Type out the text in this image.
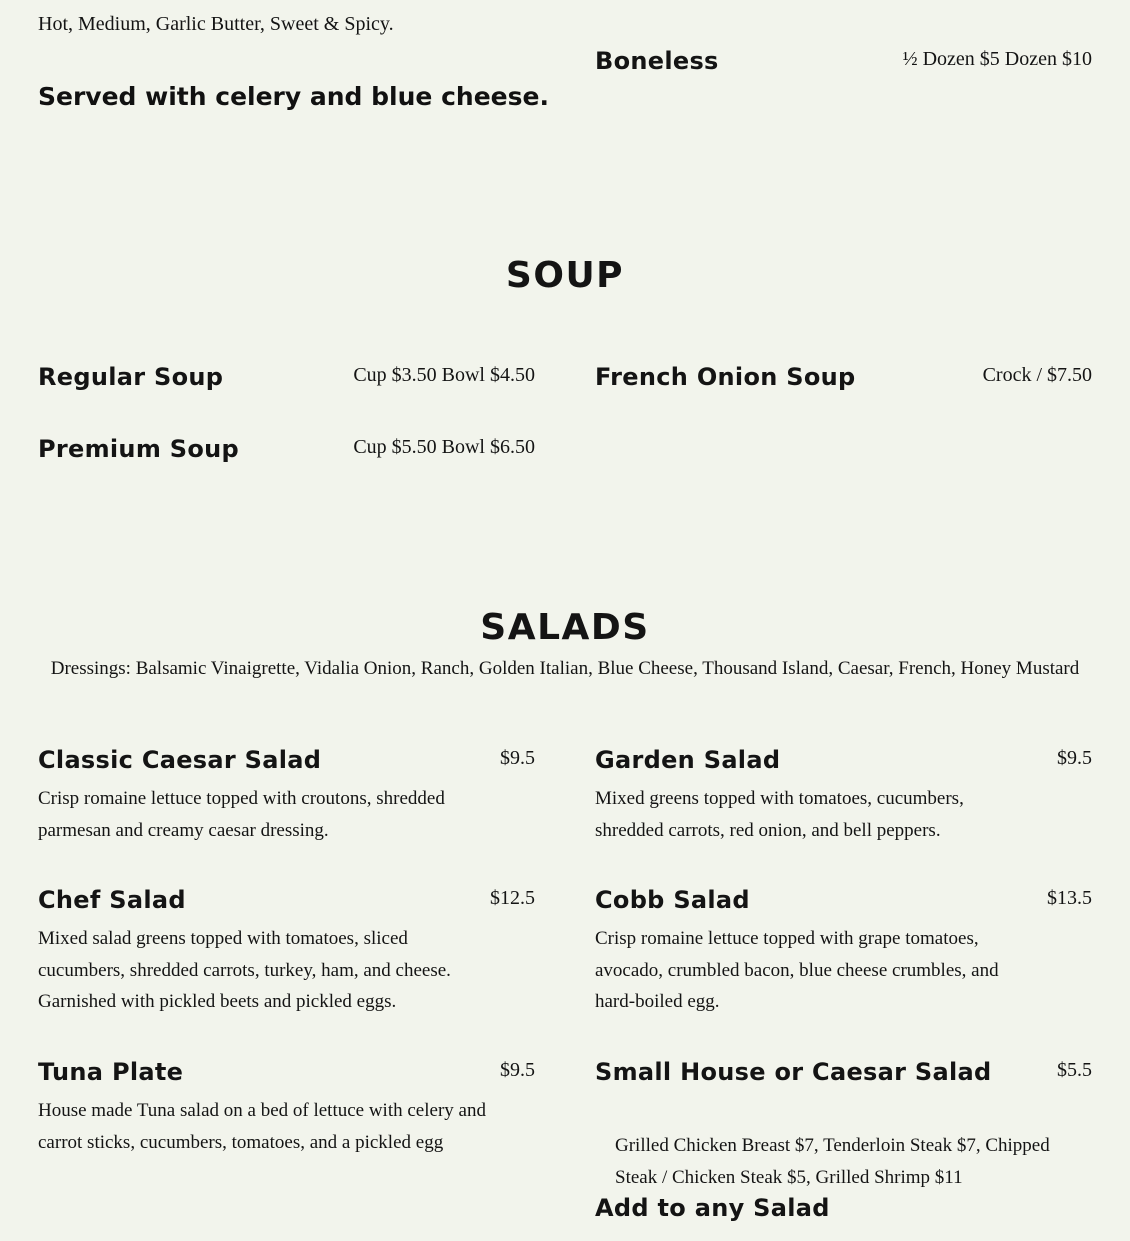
Hot, Medium, Garlic Butter, Sweet & Spicy.
Served with celery and blue cheese.
Boneless	½ Dozen $5 Dozen $10
SOUP
Regular Soup	Cup $3.50 Bowl $4.50	French Onion Soup	Crock / $7.50
Premium Soup	Cup $5.50 Bowl $6.50
SALADS
Dressings: Balsamic Vinaigrette, Vidalia Onion, Ranch, Golden Italian, Blue Cheese, Thousand Island, Caesar, French, Honey Mustard
Classic Caesar Salad	$9.5
Crisp romaine lettuce topped with croutons, shredded parmesan and creamy caesar dressing.
Garden Salad	$9.5
Mixed greens topped with tomatoes, cucumbers, shredded carrots, red onion, and bell peppers.
Chef Salad	$12.5
Mixed salad greens topped with tomatoes, sliced cucumbers, shredded carrots, turkey, ham, and cheese. Garnished with pickled beets and pickled eggs.
Cobb Salad	$13.5
Crisp romaine lettuce topped with grape tomatoes, avocado, crumbled bacon, blue cheese crumbles, and hard-boiled egg.
Tuna Plate	$9.5
House made Tuna salad on a bed of lettuce with celery and carrot sticks, cucumbers, tomatoes, and a pickled egg
Small House or Caesar Salad	$5.5
Grilled Chicken Breast $7, Tenderloin Steak $7, Chipped Steak / Chicken Steak $5, Grilled Shrimp $11
Add to any Salad
